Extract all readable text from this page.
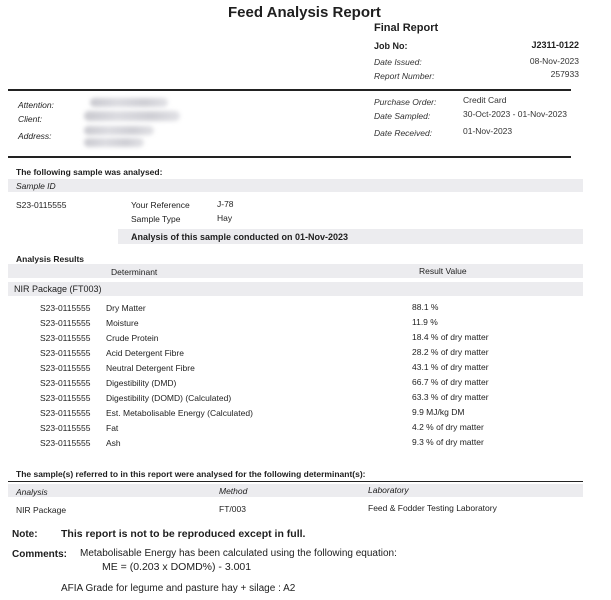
Feed Analysis Report
Final Report
Job No:	J2311-0122
Date Issued:	08-Nov-2023
Report Number:	257933
Attention:
Client:
Address:
Purchase Order:	Credit Card
Date Sampled:	30-Oct-2023 - 01-Nov-2023
Date Received:	01-Nov-2023
The following sample was analysed:
Sample ID
S23-0115555	Your Reference	J-78
Sample Type	Hay
Analysis of this sample conducted on 01-Nov-2023
Analysis Results
Determinant	Result Value
NIR Package (FT003)
S23-0115555 Dry Matter	88.1 %
S23-0115555 Moisture	11.9 %
S23-0115555 Crude Protein	18.4 % of dry matter
S23-0115555 Acid Detergent Fibre	28.2 % of dry matter
S23-0115555 Neutral Detergent Fibre	43.1 % of dry matter
S23-0115555 Digestibility (DMD)	66.7 % of dry matter
S23-0115555 Digestibility (DOMD) (Calculated)	63.3 % of dry matter
S23-0115555 Est. Metabolisable Energy (Calculated)	9.9 MJ/kg DM
S23-0115555 Fat	4.2 % of dry matter
S23-0115555 Ash	9.3 % of dry matter
The sample(s) referred to in this report were analysed for the following determinant(s):
Analysis	Method	Laboratory
NIR Package	FT/003	Feed & Fodder Testing Laboratory
Note: This report is not to be reproduced except in full.
Comments: Metabolisable Energy has been calculated using the following equation:
ME = (0.203 x DOMD%) - 3.001
AFIA Grade for legume and pasture hay + silage : A2
